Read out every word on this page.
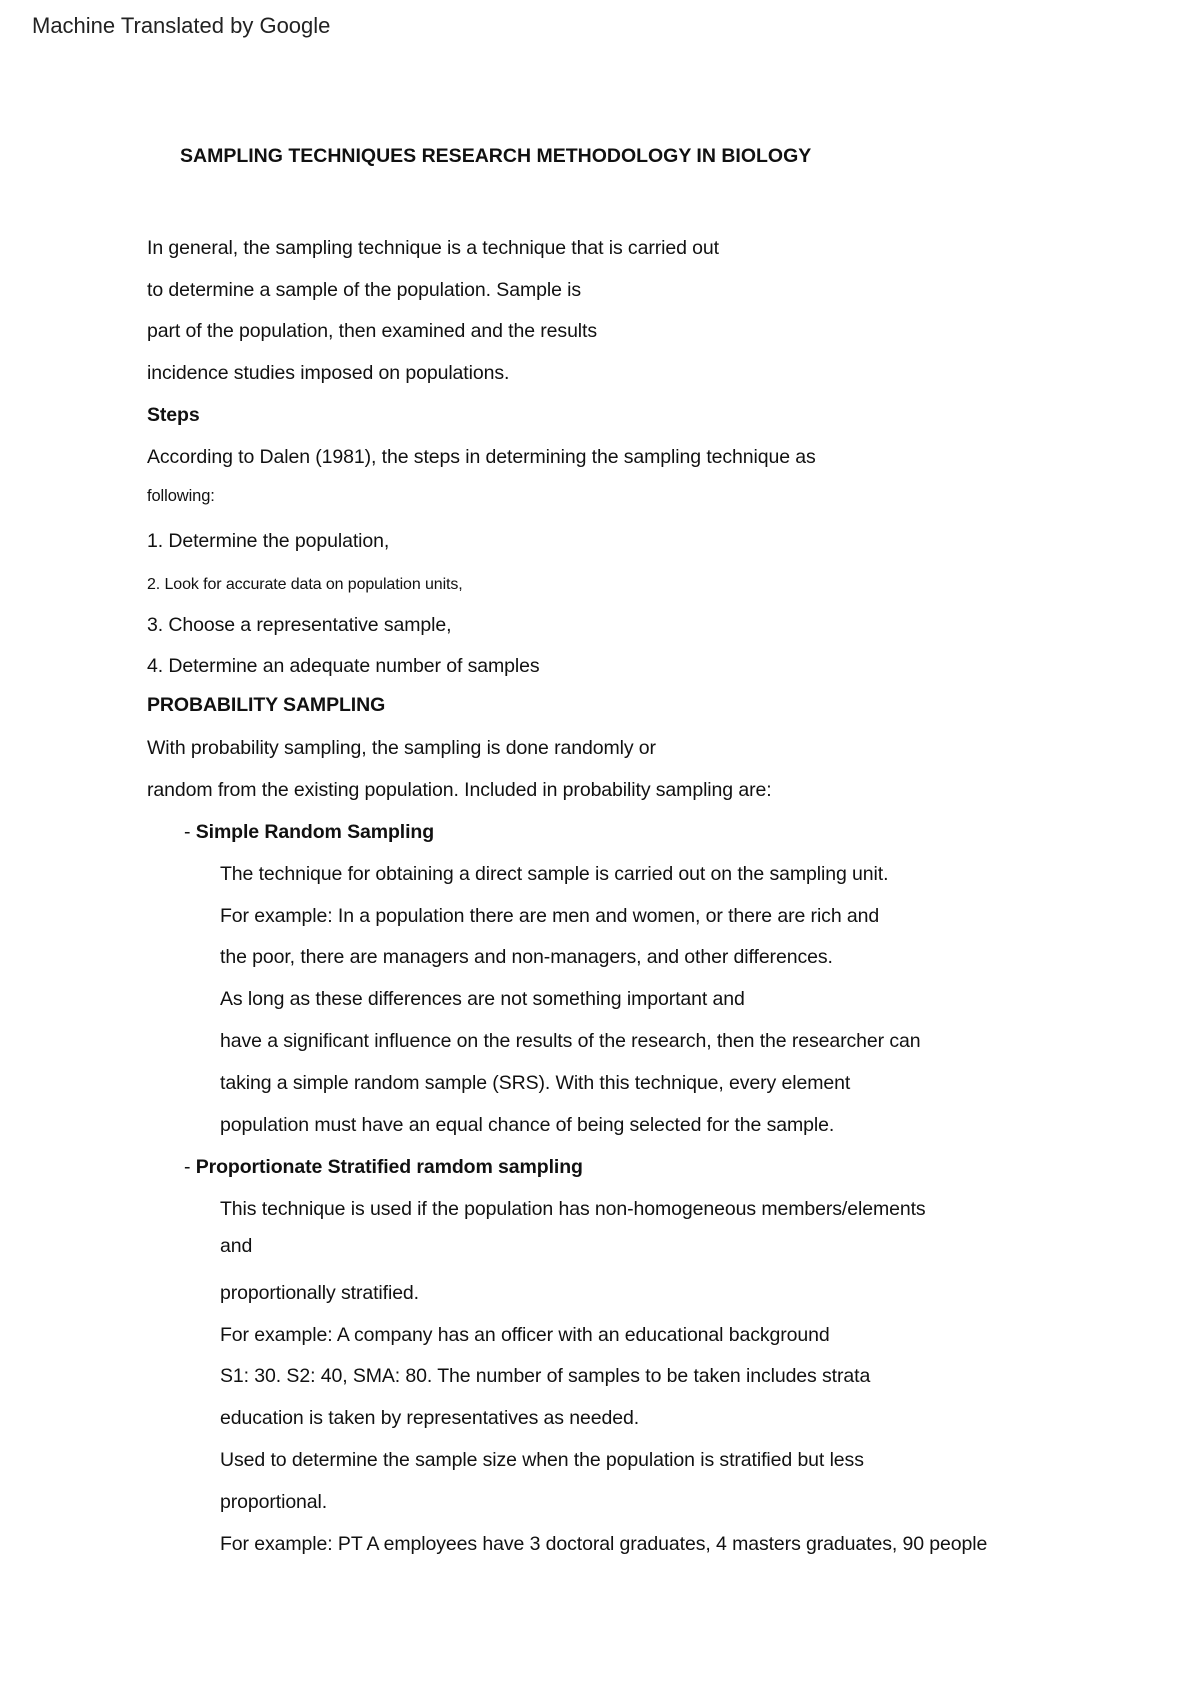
Machine Translated by Google
SAMPLING TECHNIQUES RESEARCH METHODOLOGY IN BIOLOGY
In general, the sampling technique is a technique that is carried out
to determine a sample of the population. Sample is
part of the population, then examined and the results
incidence studies imposed on populations.
Steps
According to Dalen (1981), the steps in determining the sampling technique as
following:
1. Determine the population,
2. Look for accurate data on population units,
3. Choose a representative sample,
4. Determine an adequate number of samples
PROBABILITY SAMPLING
With probability sampling, the sampling is done randomly or
random from the existing population. Included in probability sampling are:
- Simple Random Sampling
The technique for obtaining a direct sample is carried out on the sampling unit.
For example: In a population there are men and women, or there are rich and
the poor, there are managers and non-managers, and other differences.
As long as these differences are not something important and
have a significant influence on the results of the research, then the researcher can
taking a simple random sample (SRS). With this technique, every element
population must have an equal chance of being selected for the sample.
- Proportionate Stratified ramdom sampling
This technique is used if the population has non-homogeneous members/elements
and
proportionally stratified.
For example: A company has an officer with an educational background
S1: 30. S2: 40, SMA: 80. The number of samples to be taken includes strata
education is taken by representatives as needed.
Used to determine the sample size when the population is stratified but less
proportional.
For example: PT A employees have 3 doctoral graduates, 4 masters graduates, 90 people
